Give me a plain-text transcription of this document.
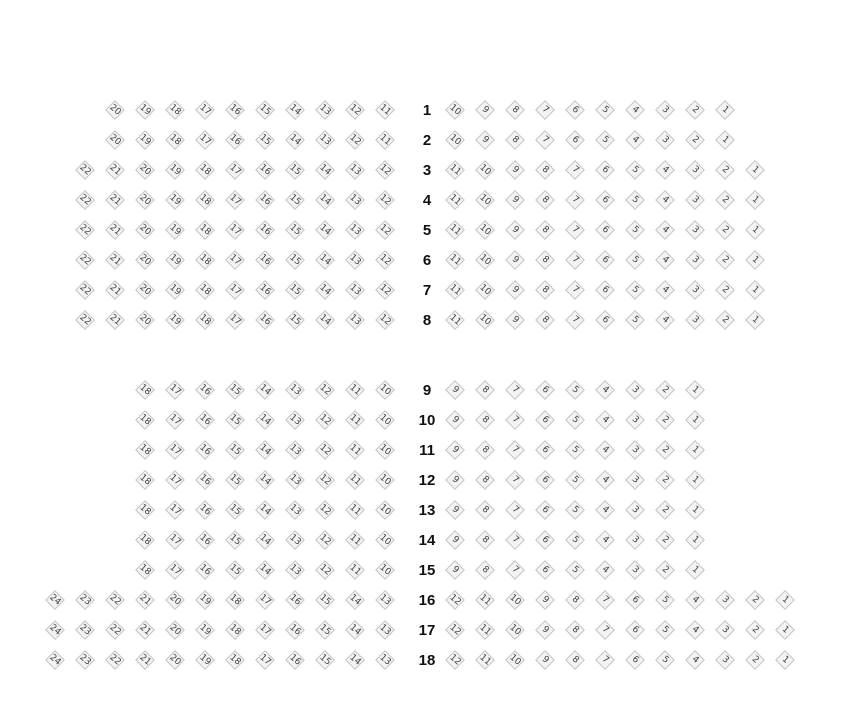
1
20 19 18 17 16 15 14 13 12 11	10 9 8 7 6 5 4 3 2 1
2
20 19 18 17 16 15 14 13 12 11	10 9 8 7 6 5 4 3 2 1
3
22 21 20 19 18 17 16 15 14 13 12	11 10 9 8 7 6 5 4 3 2 1
4
22 21 20 19 18 17 16 15 14 13 12	11 10 9 8 7 6 5 4 3 2 1
5
22 21 20 19 18 17 16 15 14 13 12	11 10 9 8 7 6 5 4 3 2 1
6
22 21 20 19 18 17 16 15 14 13 12	11 10 9 8 7 6 5 4 3 2 1
7
22 21 20 19 18 17 16 15 14 13 12	11 10 9 8 7 6 5 4 3 2 1
8
22 21 20 19 18 17 16 15 14 13 12	11 10 9 8 7 6 5 4 3 2 1
9
18 17 16 15 14 13 12 11 10	9 8 7 6 5 4 3 2 1
10
18 17 16 15 14 13 12 11 10	9 8 7 6 5 4 3 2 1
11
18 17 16 15 14 13 12 11 10	9 8 7 6 5 4 3 2 1
12
18 17 16 15 14 13 12 11 10	9 8 7 6 5 4 3 2 1
13
18 17 16 15 14 13 12 11 10	9 8 7 6 5 4 3 2 1
14
18 17 16 15 14 13 12 11 10	9 8 7 6 5 4 3 2 1
15
18 17 16 15 14 13 12 11 10	9 8 7 6 5 4 3 2 1
16
24 23 22 21 20 19 18 17 16 15 14 13	12 11 10 9 8 7 6 5 4 3 2 1
17
24 23 22 21 20 19 18 17 16 15 14 13	12 11 10 9 8 7 6 5 4 3 2 1
18
24 23 22 21 20 19 18 17 16 15 14 13	12 11 10 9 8 7 6 5 4 3 2 1
